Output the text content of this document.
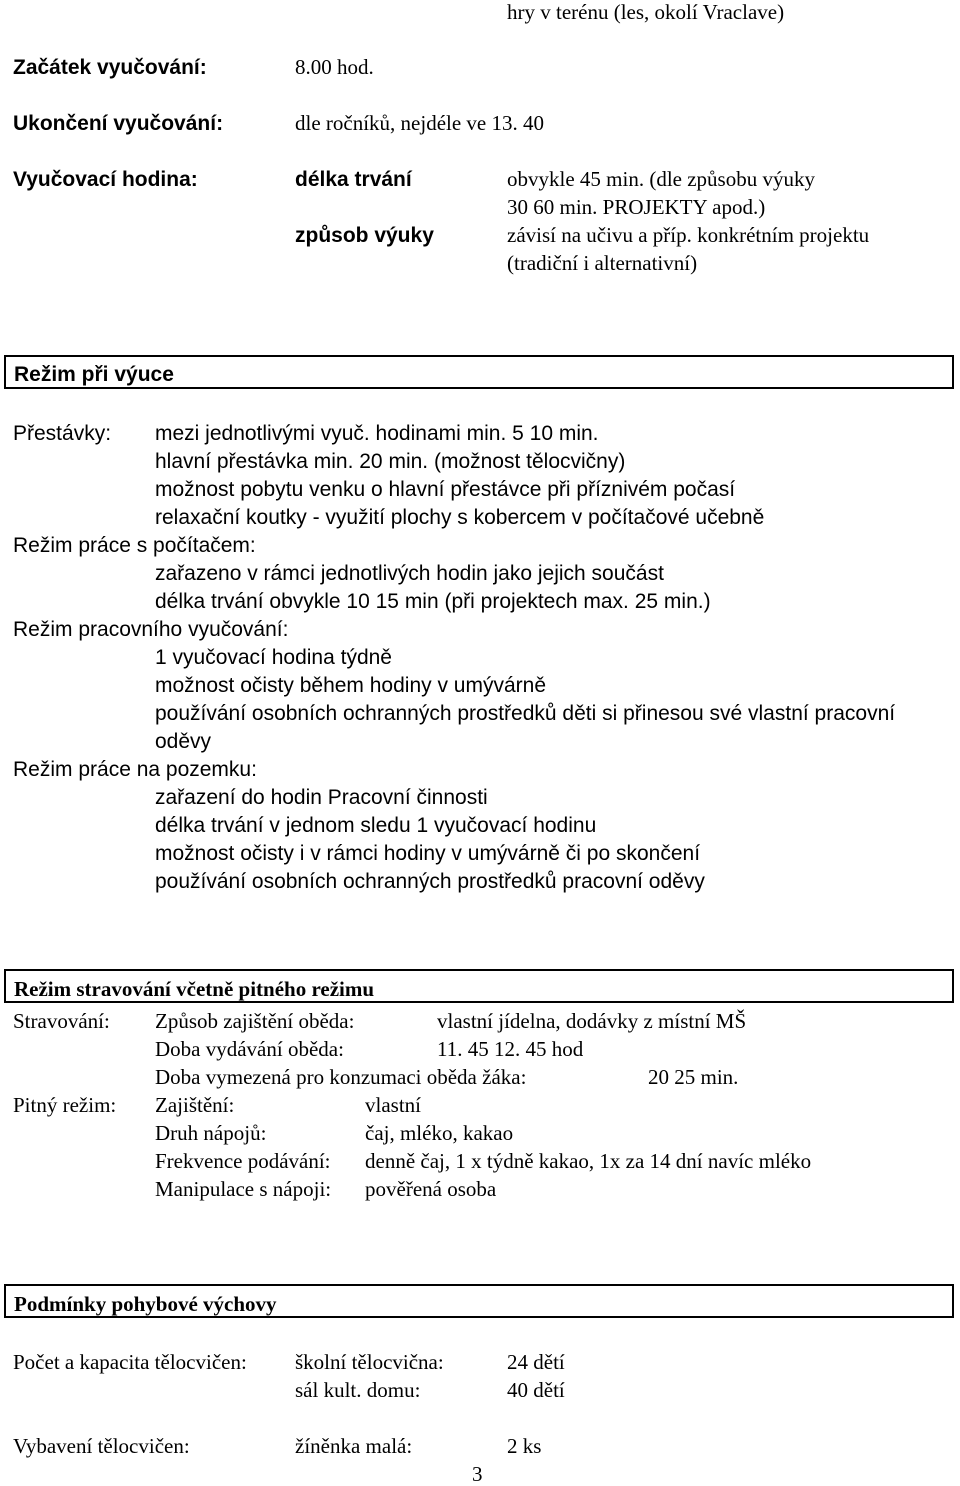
hry v terénu (les, okolí Vraclave)
Začátek vyučování:	8.00 hod.
Ukončení vyučování:	dle ročníků, nejdéle ve 13. 40
Vyučovací hodina:	délka trvání	obvykle 45 min. (dle způsobu výuky
30 60 min. PROJEKTY apod.)
způsob výuky	závisí na učivu a příp. konkrétním projektu
(tradiční i alternativní)
Režim při výuce
Přestávky: mezi jednotlivými vyuč. hodinami min. 5 10 min.
hlavní přestávka min. 20 min. (možnost tělocvičny)
možnost pobytu venku o hlavní přestávce při příznivém počasí
relaxační koutky - využití plochy s kobercem v počítačové učebně
Režim práce s počítačem:
zařazeno v rámci jednotlivých hodin jako jejich součást
délka trvání obvykle 10 15 min (při projektech max. 25 min.)
Režim pracovního vyučování:
1 vyučovací hodina týdně
možnost očisty během hodiny v umývárně
používání osobních ochranných prostředků děti si přinesou své vlastní pracovní
oděvy
Režim práce na pozemku:
zařazení do hodin Pracovní činnosti
délka trvání v jednom sledu 1 vyučovací hodinu
možnost očisty i v rámci hodiny v umývárně či po skončení
používání osobních ochranných prostředků pracovní oděvy
Režim stravování včetně pitného režimu
Stravování: Způsob zajištění oběda:	vlastní jídelna, dodávky z místní MŠ
Doba vydávání oběda:	11. 45 12. 45 hod
Doba vymezená pro konzumaci oběda žáka:	20 25 min.
Pitný režim: Zajištění:	vlastní
Druh nápojů:	čaj, mléko, kakao
Frekvence podávání: denně čaj, 1 x týdně kakao, 1x za 14 dní navíc mléko
Manipulace s nápoji: pověřená osoba
Podmínky pohybové výchovy
Počet a kapacita tělocvičen: školní tělocvična:	24 dětí
sál kult. domu:	40 dětí
Vybavení tělocvičen:	žíněnka malá:	2 ks
3
